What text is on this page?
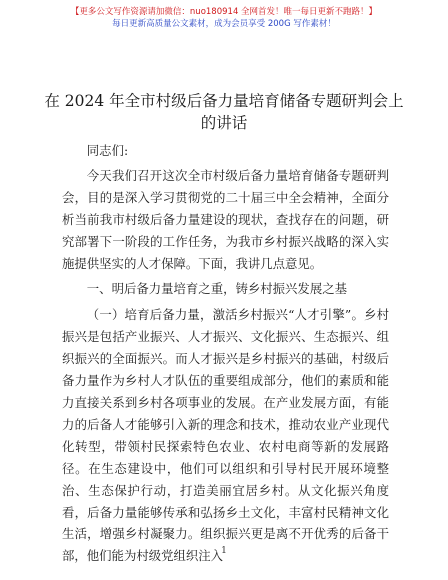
【更多公文写作资源请加微信：nuo180914 全网首发！唯一每日更新不跑路！】
每日更新高质量公文素材，成为会员享受 200G 写作素材！
在 2024 年全市村级后备力量培育储备专题研判会上的讲话

同志们:

今天我们召开这次全市村级后备力量培育储备专题研判会，目的是深入学习贯彻党的二十届三中全会精神，全面分析当前我市村级后备力量建设的现状，查找存在的问题，研究部署下一阶段的工作任务，为我市乡村振兴战略的深入实施提供坚实的人才保障。下面，我讲几点意见。

一、明后备力量培育之重，铸乡村振兴发展之基

（一）培育后备力量，激活乡村振兴“人才引擎”。乡村振兴是包括产业振兴、人才振兴、文化振兴、生态振兴、组织振兴的全面振兴。而人才振兴是乡村振兴的基础，村级后备力量作为乡村人才队伍的重要组成部分，他们的素质和能力直接关系到乡村各项事业的发展。在产业发展方面，有能力的后备人才能够引入新的理念和技术，推动农业产业现代化转型，带领村民探索特色农业、农村电商等新的发展路径。在生态建设中，他们可以组织和引导村民开展环境整治、生态保护行动，打造美丽宜居乡村。从文化振兴角度看，后备力量能够传承和弘扬乡土文化，丰富村民精神文化生活，增强乡村凝聚力。组织振兴更是离不开优秀的后备干部，他们能为村级党组织注入

1
